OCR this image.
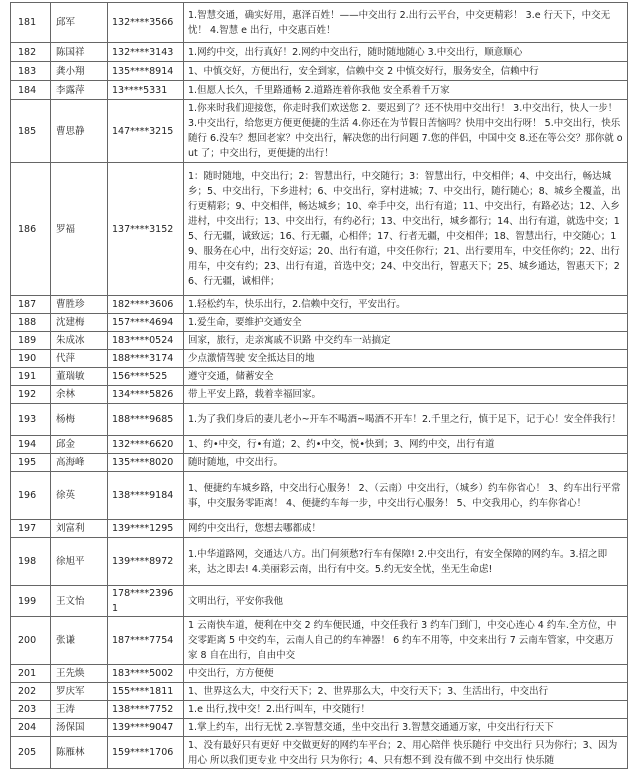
181	邱军	132****3566	1.智慧交通，确实好用，惠泽百姓！——中交出行 2.出行云平台，中交更精彩！ 3.e 行天下，中交无忧！ 4.智慧 e 出行，中交惠百姓！
182	陈国祥	132****3143	1.网约中交，出行真好！2.网约中交出行，随时随地随心 3.中交出行，顺意顺心
183	龚小翔	135****8914	1、中慎交好，方便出行，安全到家，信赖中交 2 中慎交好行，服务安全，信赖中行
184	李露萍	13****5331	1.但愿人长久，千里路通畅 2.道路连着你我他 安全系着千万家
185	曹思静	147****3215	1.你来时我们迎接您，你走时我们欢送您 2．要迟到了？还不快用中交出行！ 3.中交出行，快人一步！ 3.中交出行，给您更方便更便捷的生活 4.你还在为节假日苦恼吗？快用中交出行呀！ 5.中交出行，快乐随行 6.没车？想回老家？中交出行，解决您的出行问题 7.您的伴侣，中国中交 8.还在等公交？那你就 out 了；中交出行，更便捷的出行！
186	罗福	137****3152	1：随时随地，中交出行；2：智慧出行，中交随行；3：智慧出行，中交相伴；4、中交出行，畅达城乡；5、中交出行，下乡进村；6、中交出行，穿村进城；7、中交出行，随行随心；8、城乡全覆盖，出行更精彩；9、中交相伴，畅达城乡；10、牵手中交，出行有道；11、中交出行，有路必达；12、入乡进村，中交出行；13、中交出行，有约必行；13、中交出行，城乡都行；14、出行有道，就选中交；15、行无疆，诚致远；16、行无疆，心相伴；17、行者无疆，中交相伴；18、智慧出行，中交随心；19、服务在心中，出行交好运；20、出行有道，中交任你行；21、出行要用车，中交任你约；22、出行用车，中交有约；23、出行有道，首选中交；24、中交出行，智惠天下；25、城乡通达，智惠天下；26、行无疆，诚相伴；
187	曹胜珍	182****3606	1.轻松约车，快乐出行，2.信赖中交行，平安出行。
188	沈建梅	157****4694	1.爱生命，要维护交通安全
189	朱成冰	183****0524	回家，旅行，走亲寓戚不识路 中交约车一站搞定
190	代萍	188****3174	少点激情驾驶 安全抵达目的地
191	董瑞敏	156****525	遵守交通，储蓄安全
192	余林	134****5826	带上平安上路，载着幸福回家。
193	杨梅	188****9685	1.为了我们身后的妻儿老小~开车不喝酒~喝酒不开车！2.千里之行，慎于足下，记于心！安全伴我行！
194	邱金	132****6620	1、约•中交，行•有道；2、约•中交，悦•快到；3、网约中交，出行有道
195	高海峰	135****8020	随时随地，中交出行。
196	徐英	138****9184	1、便捷约车城乡路，中交出行心服务！ 2、（云南）中交出行，（城乡）约车你省心！ 3、约车出行平常事，中交服务零距离！ 4、便捷约车每一步，中交出行心服务！ 5、中交我用心，约车你省心！
197	刘富利	139****1295	网约中交出行，您想去哪都成！
198	徐旭平	139****8972	1.中华道路网，交通达八方。出门何须愁?行车有保障! 2.中交出行，有安全保障的网约车。3.招之即来，达之即去! 4.美丽彩云南，出行有中交。5.约无安全忧，坐无生命虑!
199	王文怡	178****23961	文明出行，平安你我他
200	张谦	187****7754	1 云南快车道，便利在中交 2 约车便民通，中交任我行 3 约车门到门，中交心连心 4 约车.全方位，中交零距离 5 中交约车，云南人自己的约车神器！ 6 约车不用等，中交来出行 7 云南车管家，中交惠万家 8 自在出行，自由中交
201	王先焕	183****5002	中交出行，方方便便
202	罗庆军	155****1811	1、世界这么大，中交行天下；2、世界那么大，中交行天下；3、生活出行，中交出行
203	王涛	138****7752	1.e 出行,找中交！2.出行叫车，中交随行！
204	汤保国	139****9047	1.掌上约车，出行无忧 2.享智慧交通，坐中交出行 3.智慧交通通万家，中交出行行天下
205	陈雁林	159****1706	1、没有最好只有更好 中交做更好的网约车平台；2、用心陪伴 快乐随行 中交出行 只为你行；3、因为用心 所以我们更专业 中交出行 只为你行；4、只有想不到 没有做不到 中交出行 快乐随
